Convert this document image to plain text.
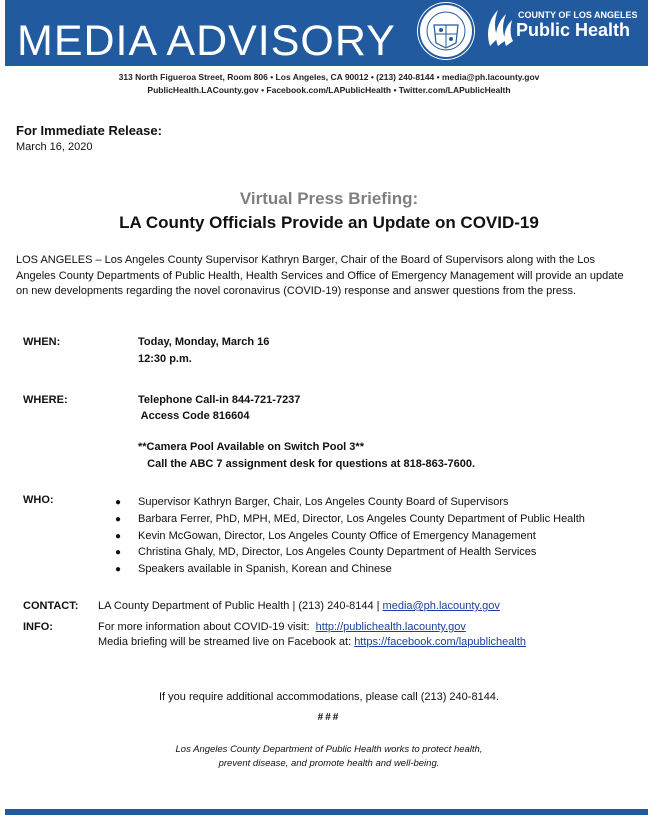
MEDIA ADVISORY
COUNTY OF LOS ANGELES
Public Health
313 North Figueroa Street, Room 806 • Los Angeles, CA 90012 • (213) 240-8144 • media@ph.lacounty.gov
PublicHealth.LACounty.gov • Facebook.com/LAPublicHealth • Twitter.com/LAPublicHealth
For Immediate Release:
March 16, 2020
Virtual Press Briefing:
LA County Officials Provide an Update on COVID-19
LOS ANGELES – Los Angeles County Supervisor Kathryn Barger, Chair of the Board of Supervisors along with the Los Angeles County Departments of Public Health, Health Services and Office of Emergency Management will provide an update on new developments regarding the novel coronavirus (COVID-19) response and answer questions from the press.
WHEN:	Today, Monday, March 16
12:30 p.m.
WHERE:	Telephone Call-in 844-721-7237
Access Code 816604
**Camera Pool Available on Switch Pool 3**
Call the ABC 7 assignment desk for questions at 818-863-7600.
WHO:	● Supervisor Kathryn Barger, Chair, Los Angeles County Board of Supervisors
● Barbara Ferrer, PhD, MPH, MEd, Director, Los Angeles County Department of Public Health
● Kevin McGowan, Director, Los Angeles County Office of Emergency Management
● Christina Ghaly, MD, Director, Los Angeles County Department of Health Services
● Speakers available in Spanish, Korean and Chinese
CONTACT: LA County Department of Public Health | (213) 240-8144 | media@ph.lacounty.gov
INFO:	For more information about COVID-19 visit:  http://publichealth.lacounty.gov
Media briefing will be streamed live on Facebook at: https://facebook.com/lapublichealth
If you require additional accommodations, please call (213) 240-8144.
###
Los Angeles County Department of Public Health works to protect health,
prevent disease, and promote health and well-being.
